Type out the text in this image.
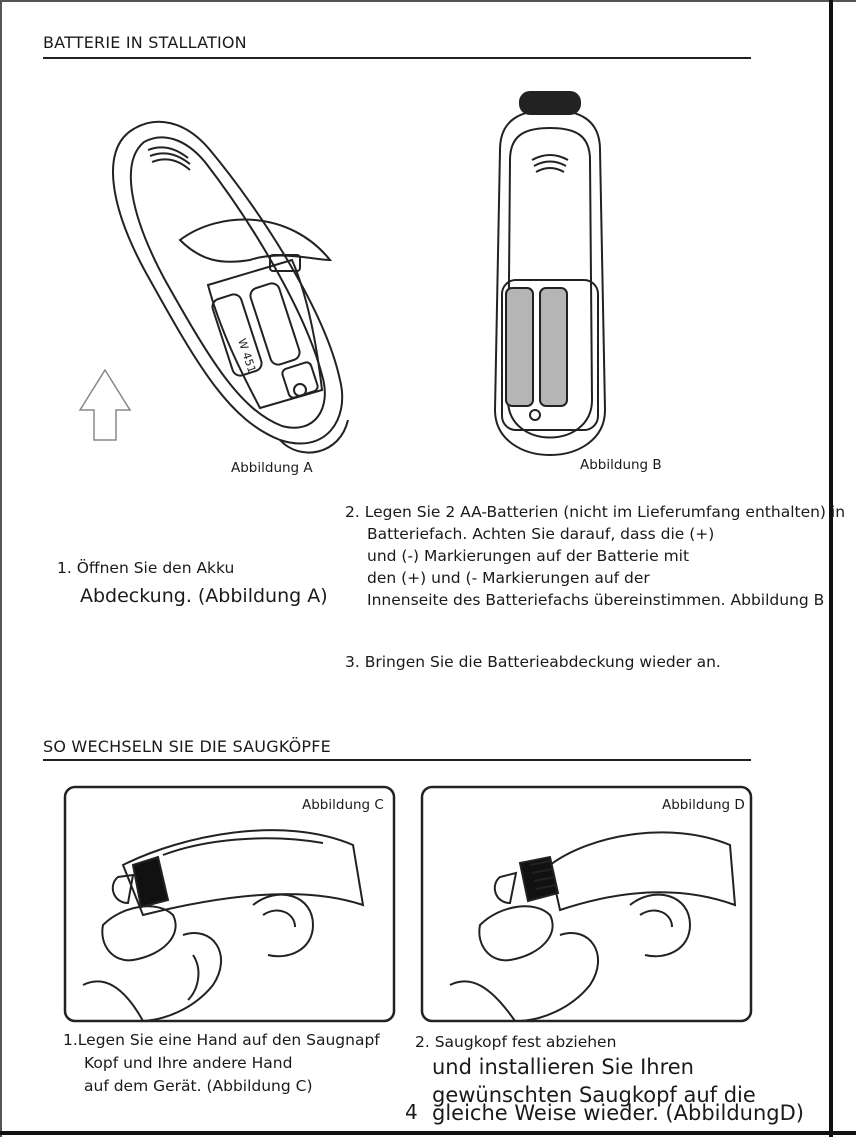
BATTERIE IN STALLATION
W 451
Abbildung A	Abbildung B
2. Legen Sie 2 AA-Batterien (nicht im Lieferumfang enthalten) in
Batteriefach. Achten Sie darauf, dass die (+)
und (-) Markierungen auf der Batterie mit
den (+) und (- Markierungen auf der
Innenseite des Batteriefachs übereinstimmen. Abbildung B
1. Öffnen Sie den Akku
Abdeckung. (Abbildung A)
3. Bringen Sie die Batterieabdeckung wieder an.
SO WECHSELN SIE DIE SAUGKÖPFE
Abbildung C	Abbildung D
1.Legen Sie eine Hand auf den Saugnapf
Kopf und Ihre andere Hand
auf dem Gerät. (Abbildung C)
2. Saugkopf fest abziehen
und installieren Sie Ihren
gewünschten Saugkopf auf die
gleiche Weise wieder. (AbbildungD)
4
